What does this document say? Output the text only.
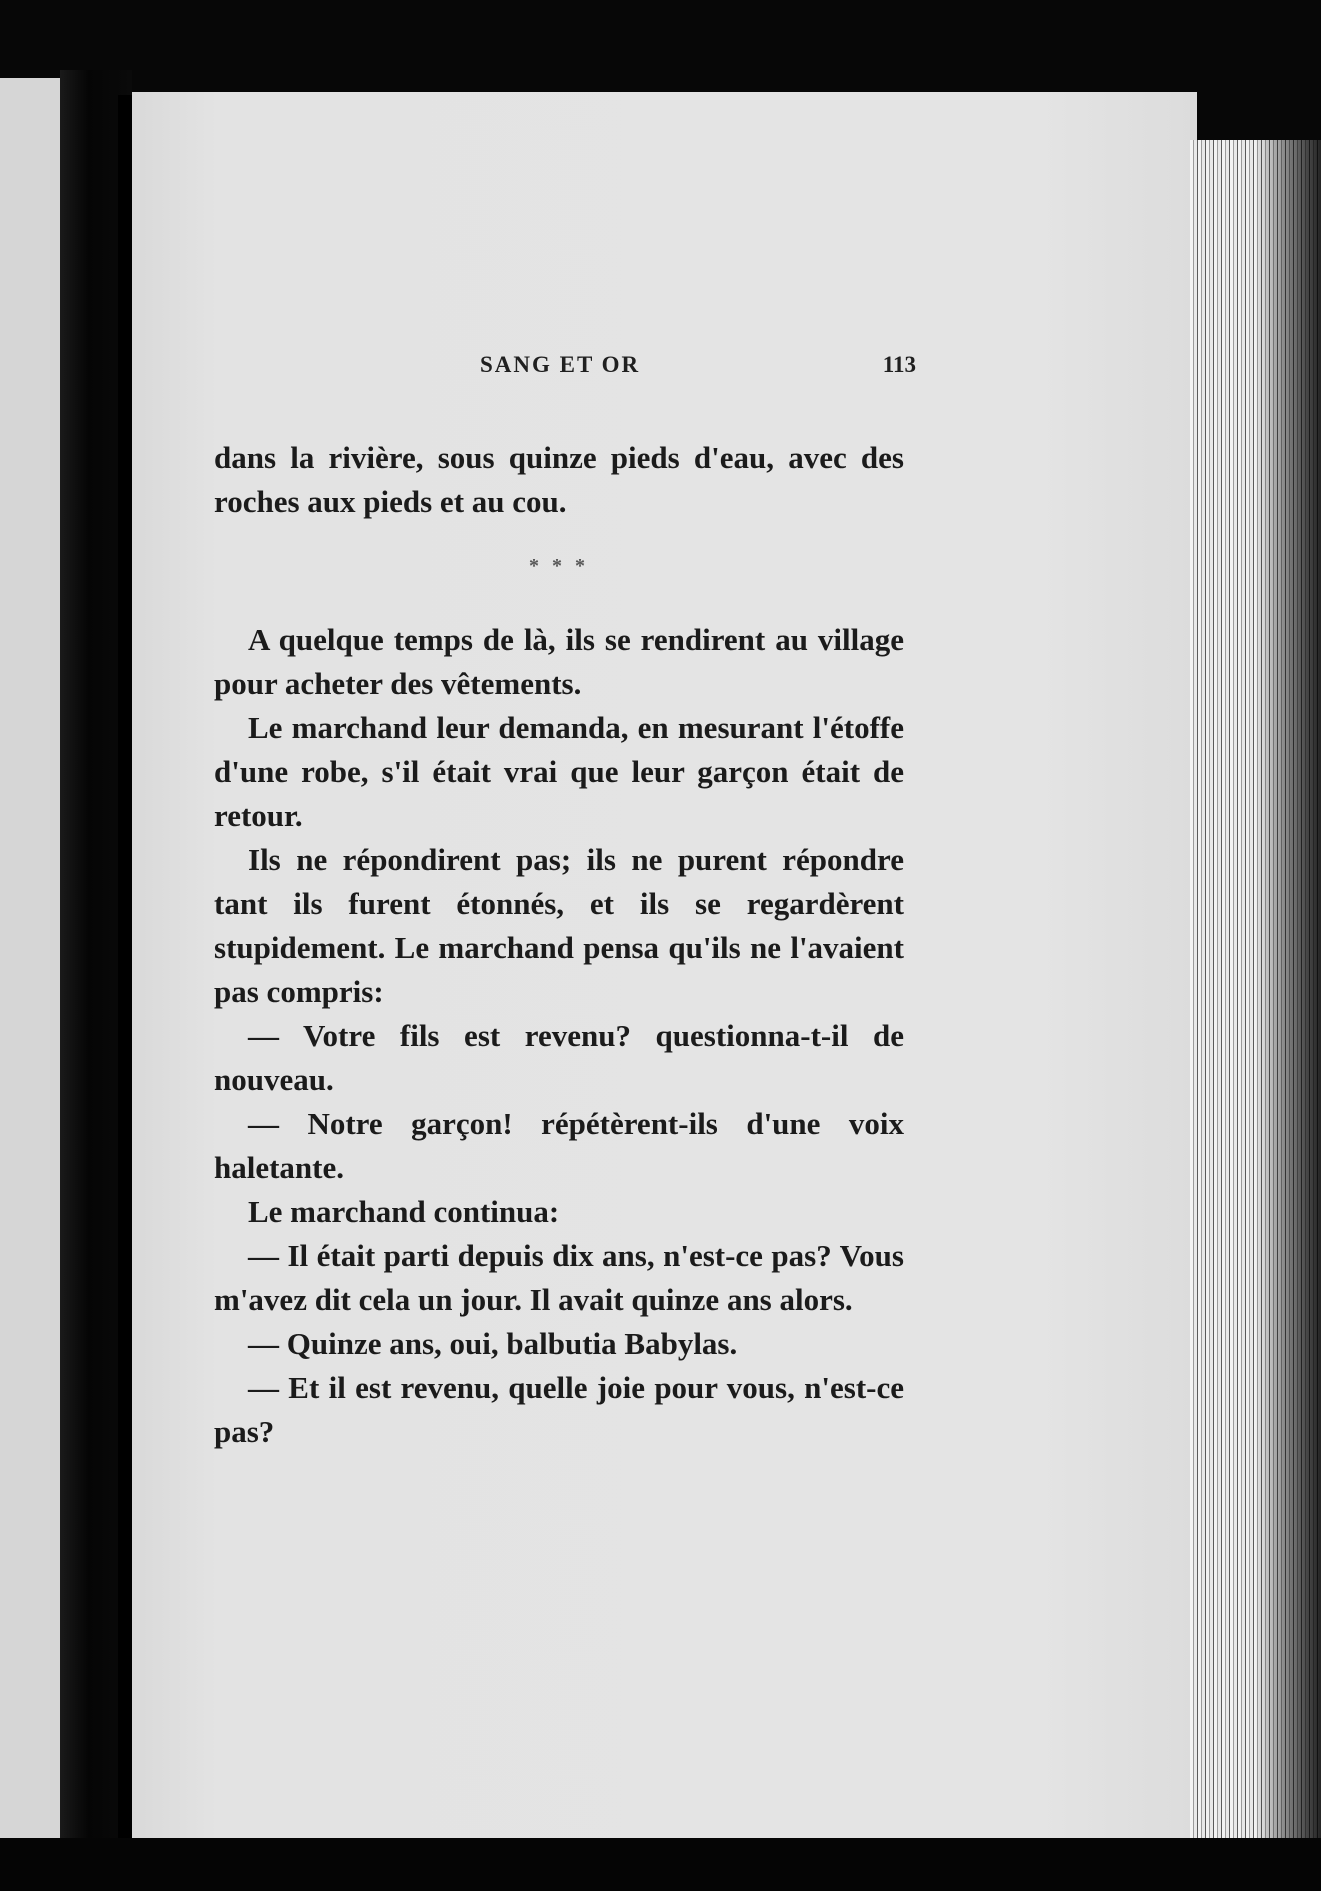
SANG ET OR	113

dans la rivière, sous quinze pieds d'eau, avec des roches aux pieds et au cou.

* * *

A quelque temps de là, ils se rendirent au village pour acheter des vêtements.

Le marchand leur demanda, en mesurant l'étoffe d'une robe, s'il était vrai que leur garçon était de retour.

Ils ne répondirent pas; ils ne purent répondre tant ils furent étonnés, et ils se regardèrent stupidement. Le marchand pensa qu'ils ne l'avaient pas compris:

— Votre fils est revenu? questionna-t-il de nouveau.

— Notre garçon! répétèrent-ils d'une voix haletante.

Le marchand continua:

— Il était parti depuis dix ans, n'est-ce pas? Vous m'avez dit cela un jour. Il avait quinze ans alors.

— Quinze ans, oui, balbutia Babylas.

— Et il est revenu, quelle joie pour vous, n'est-ce pas?
